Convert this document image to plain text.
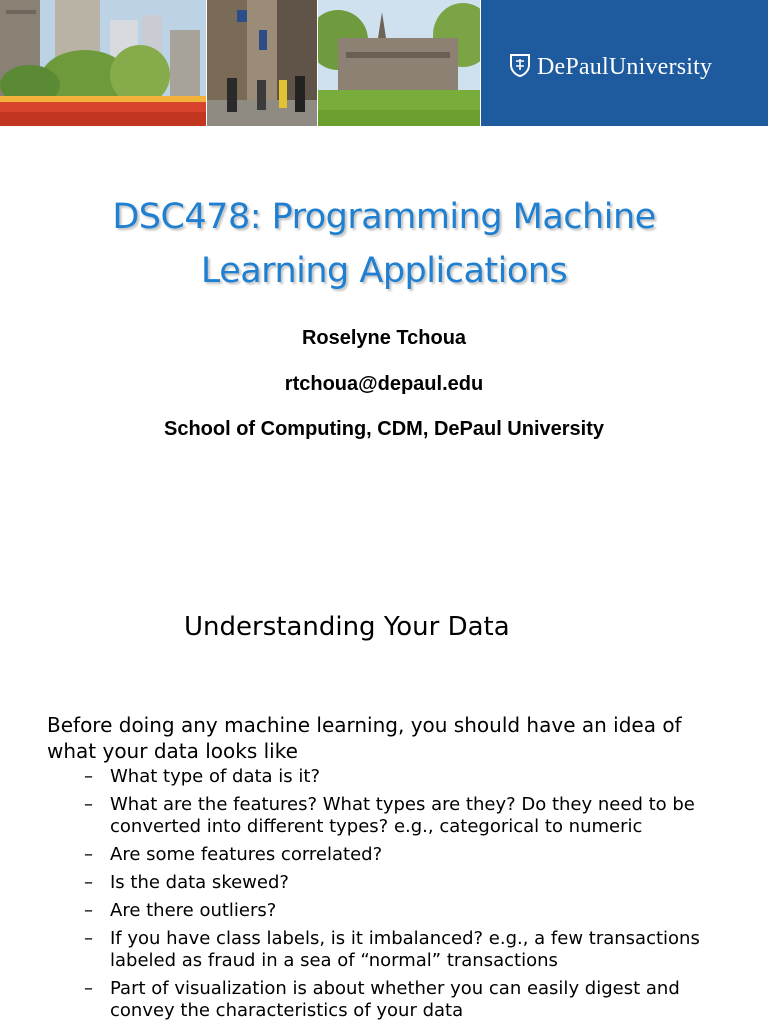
DePaulUniversity
DSC478: Programming Machine Learning Applications
Roselyne Tchoua
rtchoua@depaul.edu
School of Computing, CDM, DePaul University
Understanding Your Data
Before doing any machine learning, you should have an idea of what your data looks like
– What type of data is it?
– What are the features? What types are they? Do they need to be converted into different types? e.g., categorical to numeric
– Are some features correlated?
– Is the data skewed?
– Are there outliers?
– If you have class labels, is it imbalanced? e.g., a few transactions labeled as fraud in a sea of “normal” transactions
– Part of visualization is about whether you can easily digest and convey the characteristics of your data
